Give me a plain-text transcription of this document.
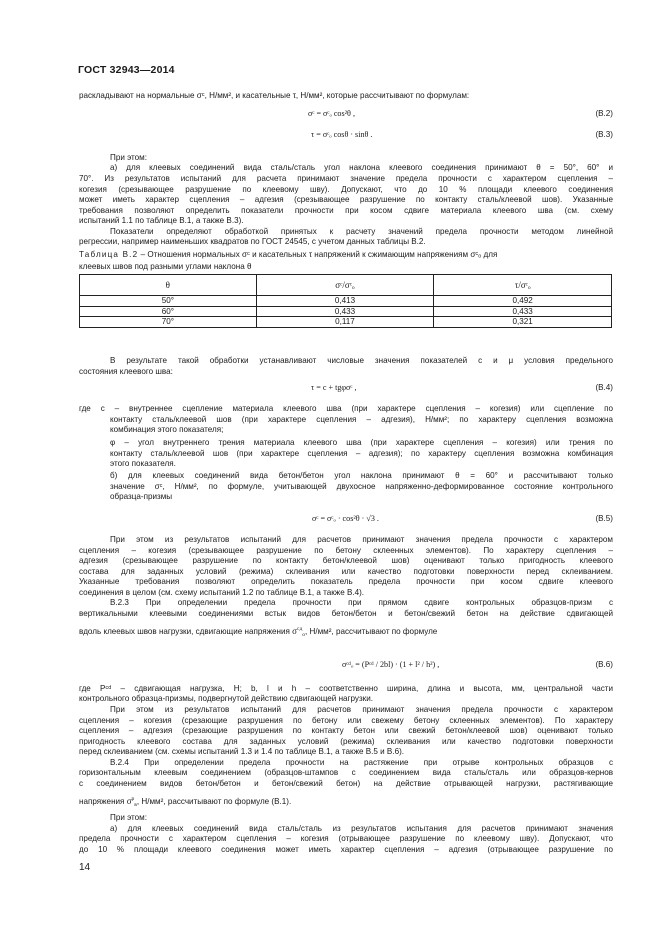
ГОСТ 32943—2014
раскладывают на нормальные σᶜ, Н/мм², и касательные τ, Н/мм², которые рассчитывают по формулам:
σᶜ = σᶜₒ cos²θ ,	(В.2)
τ = σᶜₒ cosθ · sinθ .	(В.3)
При этом:
а) для клеевых соединений вида сталь/сталь угол наклона клеевого соединения принимают θ = 50°, 60° и
70°. Из результатов испытаний для расчета принимают значение предела прочности с характером сцепления –
когезия (срезывающее разрушение по клеевому шву). Допускают, что до 10 % площади клеевого соединения
может иметь характер сцепления – адгезия (срезывающее разрушение по контакту сталь/клеевой шов). Указанные
требования позволяют определить показатели прочности при косом сдвиге материала клеевого шва (см. схему
испытаний 1.1 по таблице В.1, а также В.3).
Показатели определяют обработкой принятых к расчету значений предела прочности методом линейной
регрессии, например наименьших квадратов по ГОСТ 24545, с учетом данных таблицы В.2.
Таблица В.2 – Отношения нормальных σᶜ и касательных τ напряжений к сжимающим напряжениям σᶜₒ для
клеевых швов под разными углами наклона θ
θ	σᶜ/σᶜₒ	τ/σᶜₒ
50°	0,413	0,492
60°	0,433	0,433
70°	0,117	0,321
В результате такой обработки устанавливают числовые значения показателей c и μ условия предельного
состояния клеевого шва:
τ = c + tgφσᶜ ,	(В.4)
где c – внутреннее сцепление материала клеевого шва (при характере сцепления – когезия) или сцепление по
контакту сталь/клеевой шов (при характере сцепления – адгезия), Н/мм²; по характеру сцепления возможна
комбинация этого показателя;
φ – угол внутреннего трения материала клеевого шва (при характере сцепления – когезия) или трения по
контакту сталь/клеевой шов (при характере сцепления – адгезия); по характеру сцепления возможна комбинация
этого показателя.
б) для клеевых соединений вида бетон/бетон угол наклона принимают θ = 60° и рассчитывают только
значение σᶜ, Н/мм², по формуле, учитывающей двухосное напряженно-деформированное состояние контрольного
образца-призмы
σᶜ = σᶜₒ · cos²θ · √3 .	(В.5)
При этом из результатов испытаний для расчетов принимают значения предела прочности с характером
сцепления – когезия (срезывающее разрушение по бетону склеенных элементов). По характеру сцепления –
адгезия (срезывающее разрушение по контакту бетон/клеевой шов) оценивают только пригодность клеевого
состава для заданных условий (режима) склеивания или качество подготовки поверхности перед склеиванием.
Указанные требования позволяют определить показатель предела прочности при косом сдвиге клеевого
соединения в целом (см. схему испытаний 1.2 по таблице В.1, а также В.4).
В.2.3 При определении предела прочности при прямом сдвиге контрольных образцов-призм с
вертикальными клеевыми соединениями встык видов бетон/бетон и бетон/свежий бетон на действие сдвигающей
вдоль клеевых швов нагрузки, сдвигающие напряжения $\sigma^{сд}_о$, Н/мм², рассчитывают по формуле
σᶜᵈₒ = (Pᶜᵈ / 2bl) · (1 + l² / h²) ,	(В.6)
где Pᶜᵈ – сдвигающая нагрузка, Н; b, l и h – соответственно ширина, длина и высота, мм, центральной части
контрольного образца-призмы, подвергнутой действию сдвигающей нагрузки.
При этом из результатов испытаний для расчетов принимают значения предела прочности с характером
сцепления – когезия (срезающие разрушения по бетону или свежему бетону склеенных элементов). По характеру
сцепления – адгезия (срезающие разрушения по контакту бетон или свежий бетон/клеевой шов) оценивают только
пригодность клеевого состава для заданных условий (режима) склеивания или качество подготовки поверхности
перед склеиванием (см. схемы испытаний 1.3 и 1.4 по таблице В.1, а также В.5 и В.6).
В.2.4 При определении предела прочности на растяжение при отрыве контрольных образцов с
горизонтальным клеевым соединением (образцов-штампов с соединением вида сталь/сталь или образцов-кернов
с соединением видов бетон/бетон и бетон/свежий бетон) на действие отрывающей нагрузки, растягивающие
напряжения $\sigma^р_в$, Н/мм², рассчитывают по формуле (В.1).
При этом:
а) для клеевых соединений вида сталь/сталь из результатов испытания для расчетов принимают значения
предела прочности с характером сцепления – когезия (отрывающее разрушение по клеевому шву). Допускают, что
до 10 % площади клеевого соединения может иметь характер сцепления – адгезия (отрывающее разрушение по
14
